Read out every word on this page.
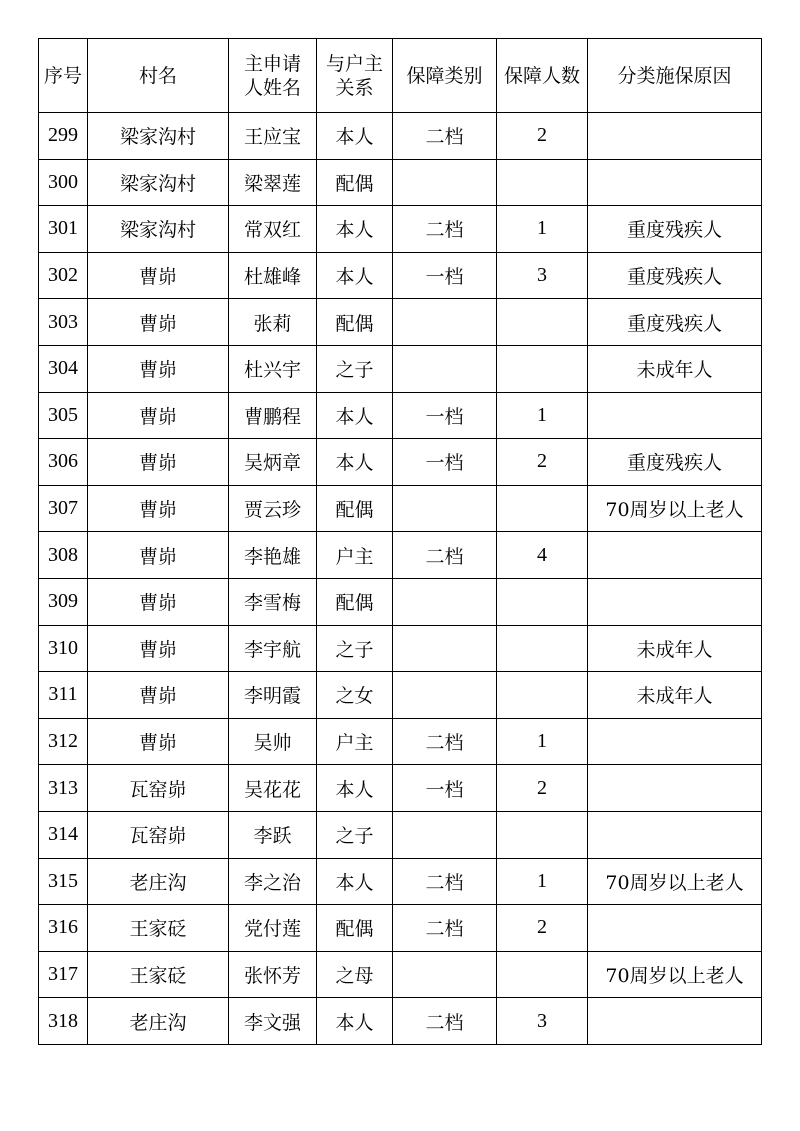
序号	村名	主申请人姓名	与户主关系	保障类别	保障人数	分类施保原因
299	梁家沟村	王应宝	本人	二档	2	
300	梁家沟村	梁翠莲	配偶			
301	梁家沟村	常双红	本人	二档	1	重度残疾人
302	曹峁	杜雄峰	本人	一档	3	重度残疾人
303	曹峁	张莉	配偶			重度残疾人
304	曹峁	杜兴宇	之子			未成年人
305	曹峁	曹鹏程	本人	一档	1	
306	曹峁	吴炳章	本人	一档	2	重度残疾人
307	曹峁	贾云珍	配偶			70周岁以上老人
308	曹峁	李艳雄	户主	二档	4	
309	曹峁	李雪梅	配偶			
310	曹峁	李宇航	之子			未成年人
311	曹峁	李明霞	之女			未成年人
312	曹峁	吴帅	户主	二档	1	
313	瓦窑峁	吴花花	本人	一档	2	
314	瓦窑峁	李跃	之子			
315	老庄沟	李之治	本人	二档	1	70周岁以上老人
316	王家砭	党付莲	配偶	二档	2	
317	王家砭	张怀芳	之母			70周岁以上老人
318	老庄沟	李文强	本人	二档	3	
